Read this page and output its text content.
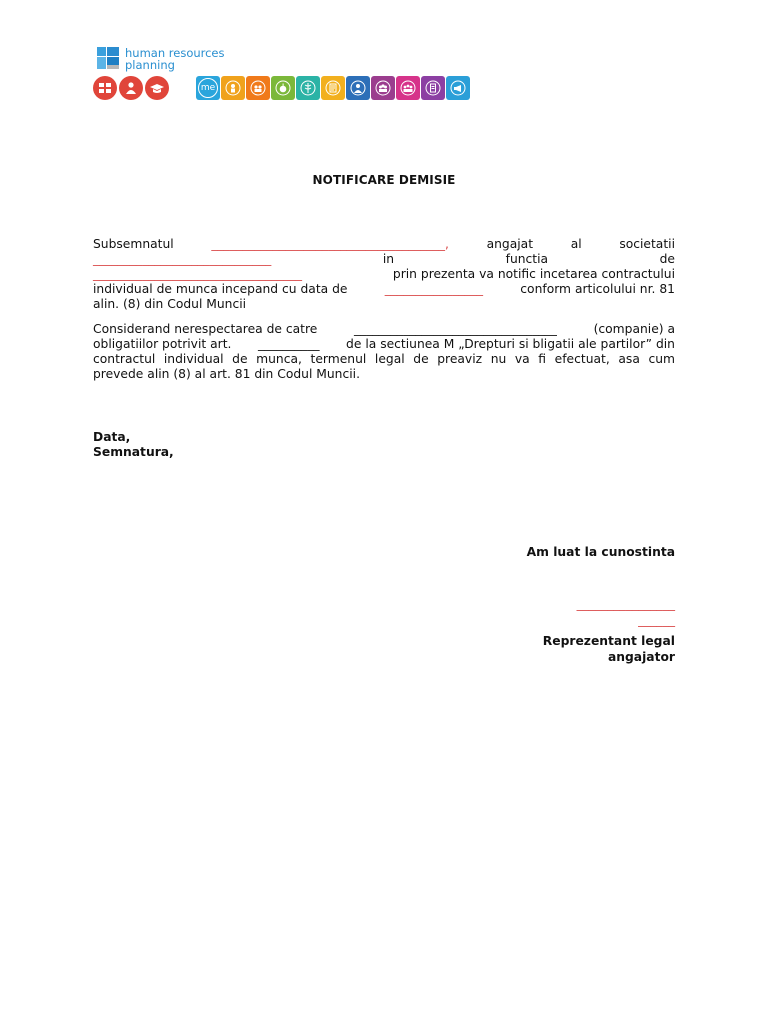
human resources
planning
me
NOTIFICARE DEMISIE
Subsemnatul	______________________________________,	angajat	al	societatii
_____________________________	in	functia	de
__________________________________	prin prezenta va notific incetarea contractului
individual de munca incepand cu data de	________________	conform articolului nr. 81
alin. (8) din Codul Muncii
Considerand nerespectarea de catre	_________________________________	(companie) a
obligatiilor potrivit art. __________ de la sectiunea M „Drepturi si bligatii ale partilor” din
contractul individual de munca, termenul legal de preaviz nu va fi efectuat, asa cum
prevede alin (8) al art. 81 din Codul Muncii.
Data,
Semnatura,
Am luat la cunostinta
________________
______
Reprezentant legal
angajator
